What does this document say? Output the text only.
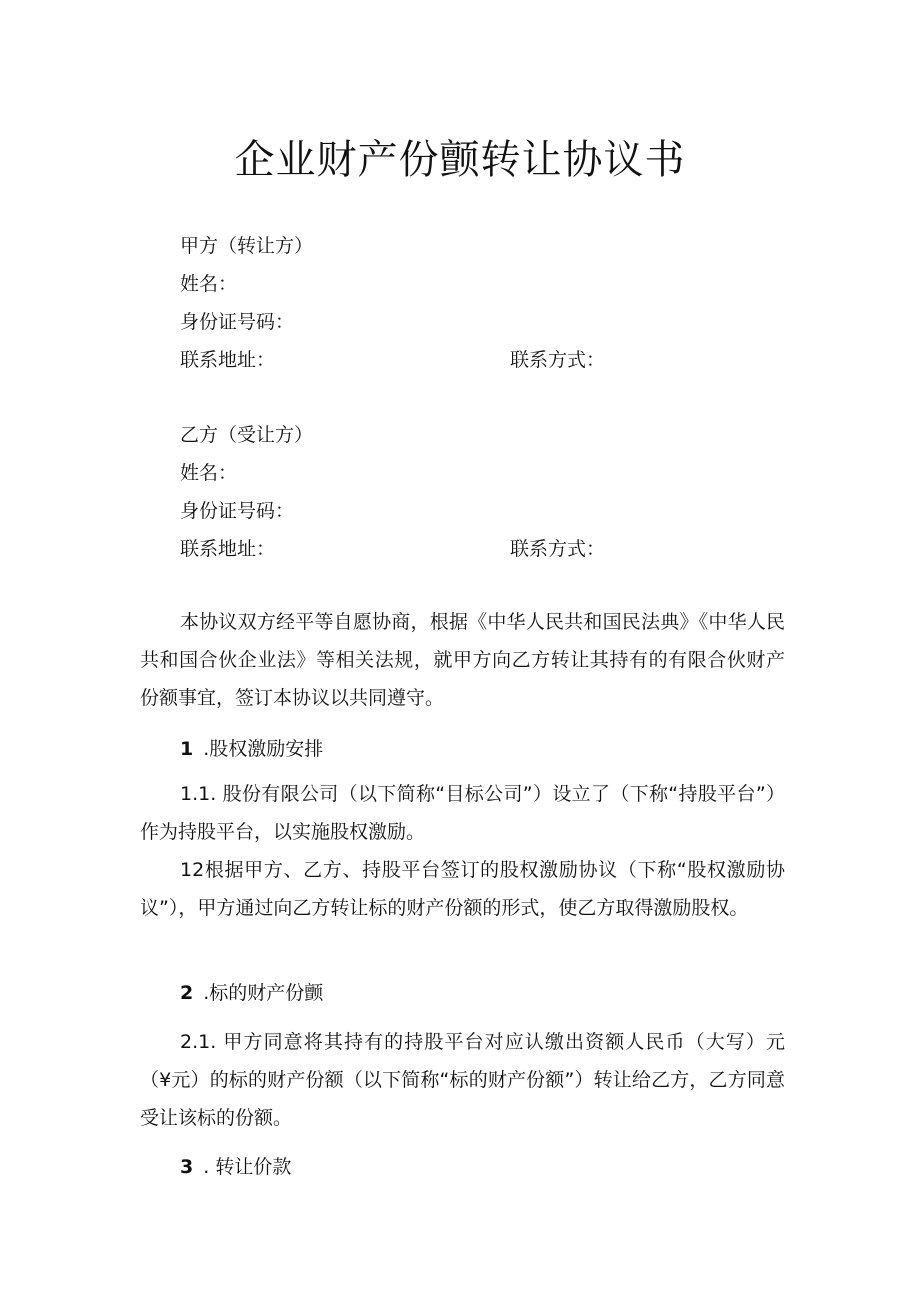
企业财产份颤转让协议书
甲方（转让方）
姓名：
身份证号码：
联系地址：	联系方式：
乙方（受让方）
姓名：
身份证号码：
联系地址：	联系方式：
本协议双方经平等自愿协商，根据《中华人民共和国民法典》《中华人民共和国合伙企业法》等相关法规，就甲方向乙方转让其持有的有限合伙财产份额事宜，签订本协议以共同遵守。
1 .股权激励安排
1.1. 股份有限公司（以下简称“目标公司”）设立了（下称“持股平台”）作为持股平台，以实施股权激励。
12根据甲方、乙方、持股平台签订的股权激励协议（下称“股权激励协议”），甲方通过向乙方转让标的财产份额的形式，使乙方取得激励股权。
2 .标的财产份颤
2.1. 甲方同意将其持有的持股平台对应认缴出资额人民币（大写）元（¥元）的标的财产份额（以下简称“标的财产份额”）转让给乙方，乙方同意受让该标的份额。
3 . 转让价款
